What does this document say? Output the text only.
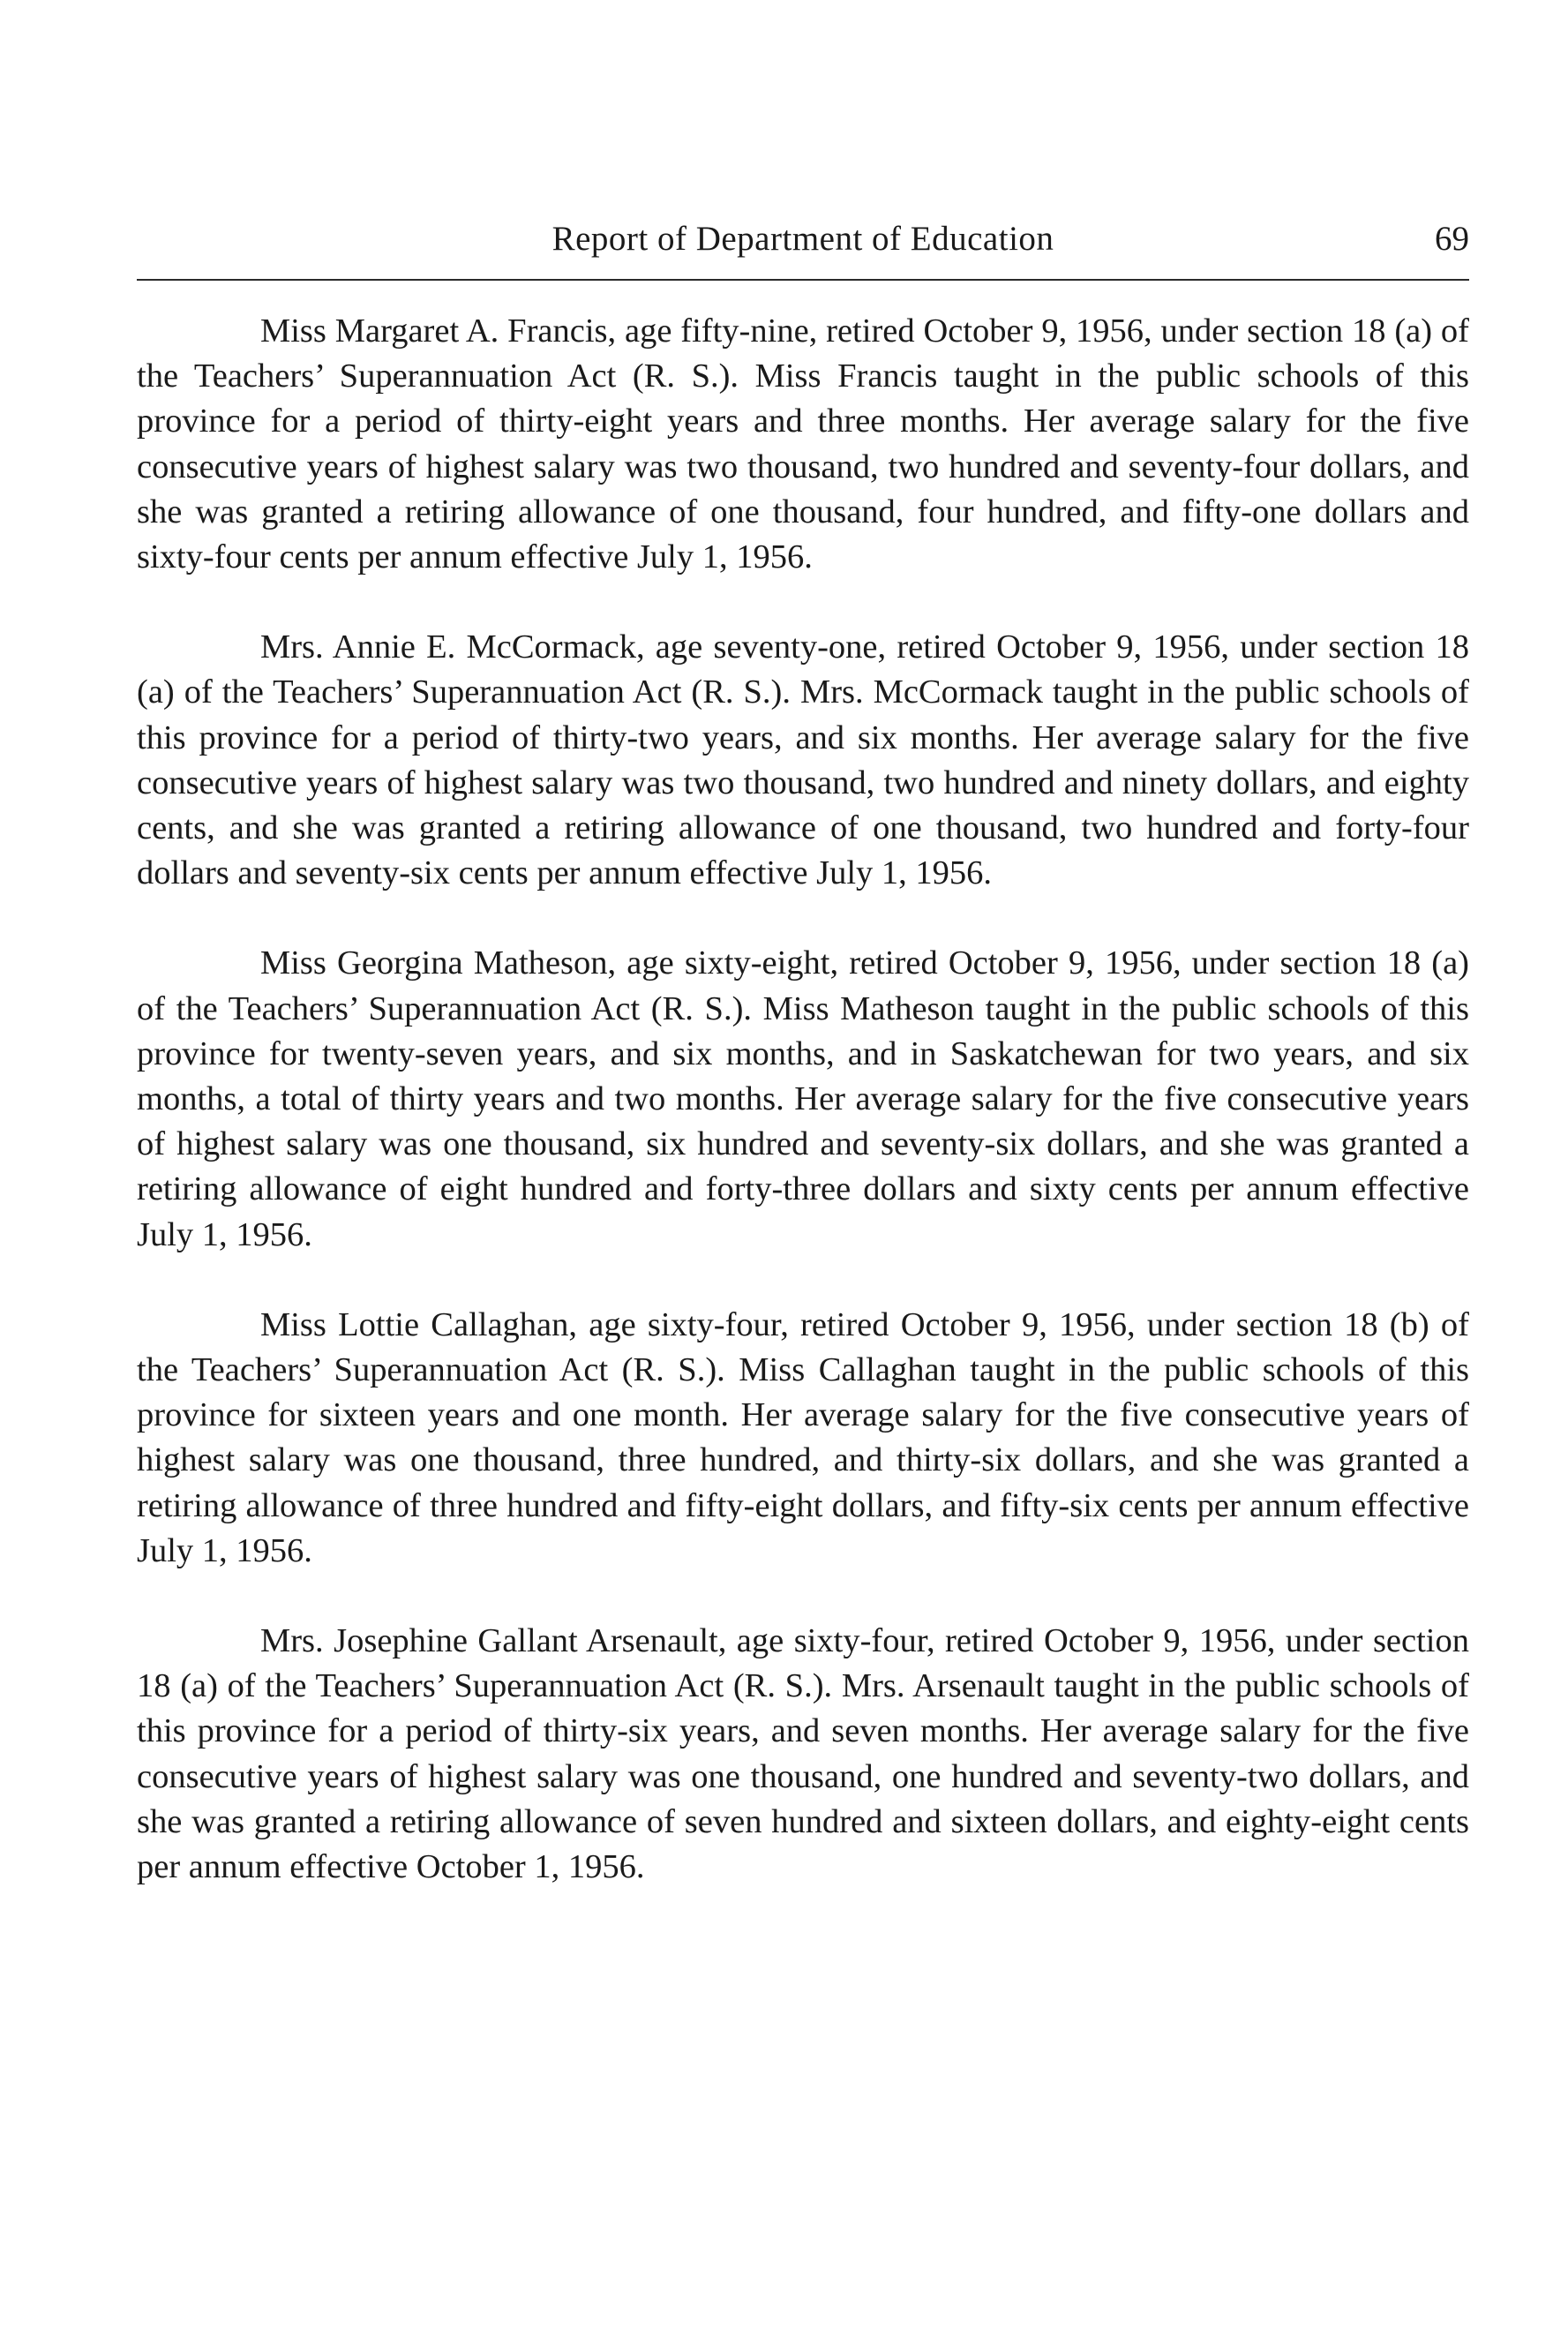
Report of Department of Education	69

Miss Margaret A. Francis, age fifty-nine, retired October 9, 1956, under section 18 (a) of the Teachers’ Superannuation Act (R. S.). Miss Francis taught in the public schools of this province for a period of thirty-eight years and three months. Her average salary for the five consecutive years of highest salary was two thousand, two hundred and seventy-four dollars, and she was granted a retiring allowance of one thousand, four hundred, and fifty-one dollars and sixty-four cents per annum effective July 1, 1956.

Mrs. Annie E. McCormack, age seventy-one, retired October 9, 1956, under section 18 (a) of the Teachers’ Superannuation Act (R. S.). Mrs. McCormack taught in the public schools of this province for a period of thirty-two years, and six months. Her average salary for the five consecutive years of highest salary was two thousand, two hundred and ninety dollars, and eighty cents, and she was granted a retiring allowance of one thousand, two hundred and forty-four dollars and seventy-six cents per annum effective July 1, 1956.

Miss Georgina Matheson, age sixty-eight, retired October 9, 1956, under section 18 (a) of the Teachers’ Superannuation Act (R. S.). Miss Matheson taught in the public schools of this province for twenty-seven years, and six months, and in Saskatchewan for two years, and six months, a total of thirty years and two months. Her average salary for the five consecutive years of highest salary was one thousand, six hundred and seventy-six dollars, and she was granted a retiring allowance of eight hundred and forty-three dollars and sixty cents per annum effective July 1, 1956.

Miss Lottie Callaghan, age sixty-four, retired October 9, 1956, under section 18 (b) of the Teachers’ Superannuation Act (R. S.). Miss Callaghan taught in the public schools of this province for sixteen years and one month. Her average salary for the five consecutive years of highest salary was one thousand, three hundred, and thirty-six dollars, and she was granted a retiring allowance of three hundred and fifty-eight dollars, and fifty-six cents per annum effective July 1, 1956.

Mrs. Josephine Gallant Arsenault, age sixty-four, retired October 9, 1956, under section 18 (a) of the Teachers’ Superannuation Act (R. S.). Mrs. Arsenault taught in the public schools of this province for a period of thirty-six years, and seven months. Her average salary for the five consecutive years of highest salary was one thousand, one hundred and seventy-two dollars, and she was granted a retiring allowance of seven hundred and sixteen dollars, and eighty-eight cents per annum effective October 1, 1956.
